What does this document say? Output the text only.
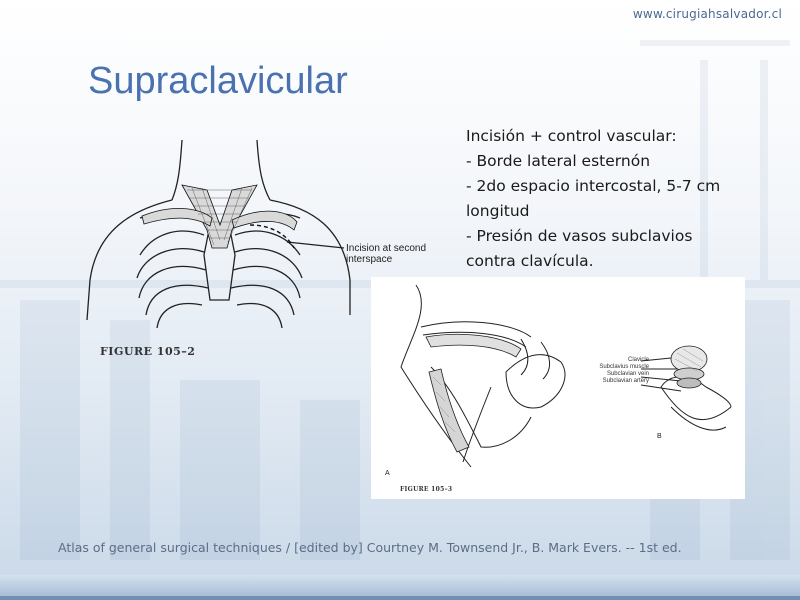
www.cirugiahsalvador.cl
Supraclavicular
Incisión + control vascular:
- Borde lateral esternón
- 2do espacio intercostal, 5-7 cm
longitud
- Presión de vasos subclavios
contra clavícula.
FIGURE 105–2
Incision at second
interspace
Clavicle
Subclavius muscle
Subclavian vein
Subclavian artery
A
B
FIGURE 105–3
Atlas of general surgical techniques / [edited by] Courtney M. Townsend Jr., B. Mark Evers. -- 1st ed.
